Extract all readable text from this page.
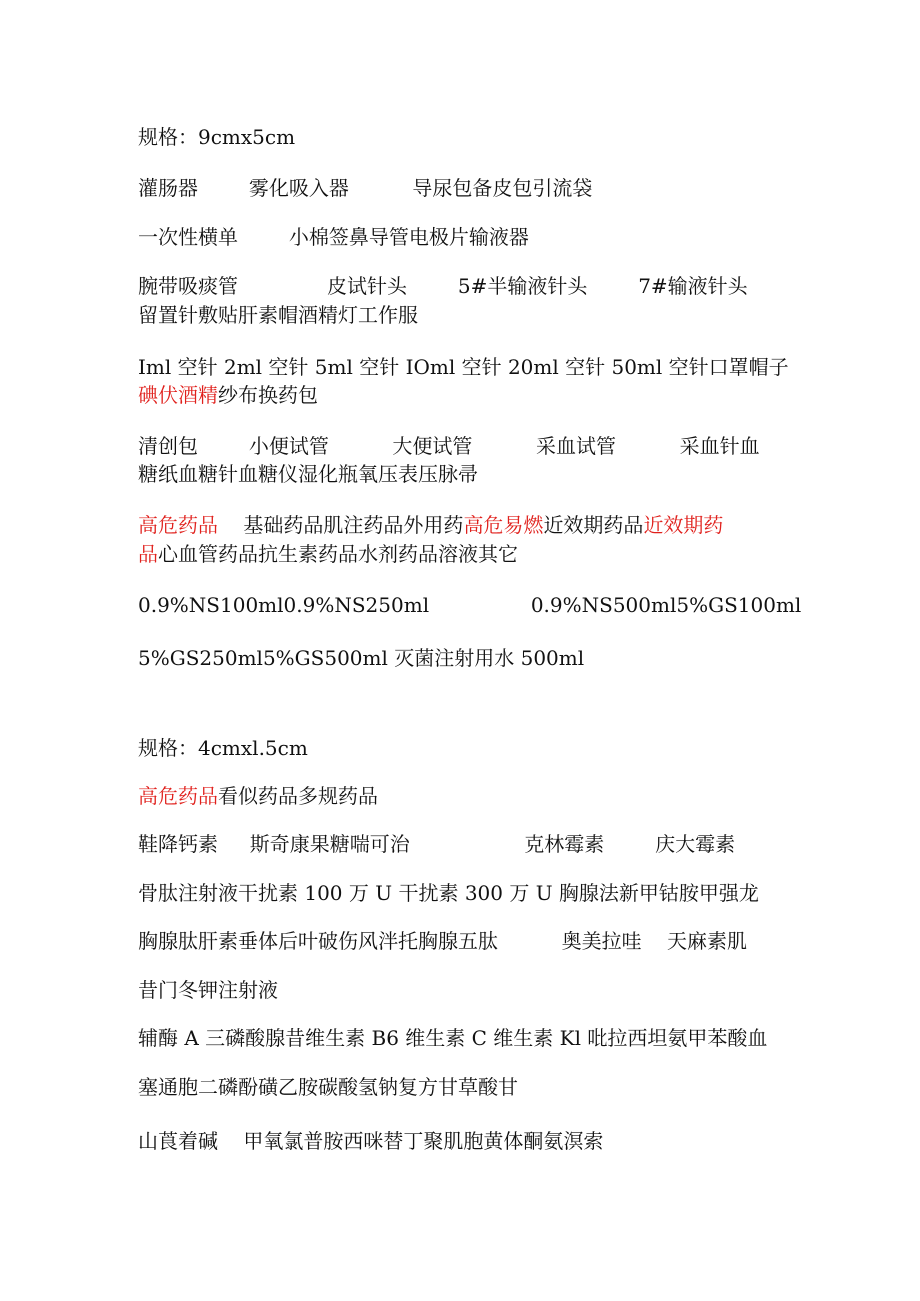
规格：9cmx5cm

灌肠器        雾化吸入器          导尿包备皮包引流袋

一次性横单        小棉签鼻导管电极片输液器

腕带吸痰管              皮试针头        5#半输液针头        7#输液针头

留置针敷贴肝素帽酒精灯工作服

Iml 空针 2ml 空针 5ml 空针 IOml 空针 20ml 空针 50ml 空针口罩帽子

碘伏酒精纱布换药包

清创包        小便试管          大便试管          采血试管          采血针血

糖纸血糖针血糖仪湿化瓶氧压表压脉帚

高危药品    基础药品肌注药品外用药高危易燃近效期药品近效期药

品心血管药品抗生素药品水剂药品溶液其它

0.9%NS100ml0.9%NS250ml                0.9%NS500ml5%GS100ml

5%GS250ml5%GS500ml 灭菌注射用水 500ml

规格：4cmxl.5cm

高危药品看似药品多规药品

鞋降钙素     斯奇康果糖喘可治                  克林霉素        庆大霉素

骨肽注射液干扰素 100 万 U 干扰素 300 万 U 胸腺法新甲钴胺甲强龙

胸腺肽肝素垂体后叶破伤风泮托胸腺五肽          奥美拉哇    天麻素肌

昔门冬钾注射液

辅酶 A 三磷酸腺昔维生素 B6 维生素 C 维生素 Kl 吡拉西坦氨甲苯酸血

塞通胞二磷酚磺乙胺碳酸氢钠复方甘草酸甘

山莨着碱    甲氧氯普胺西咪替丁聚肌胞黄体酮氨溟索
